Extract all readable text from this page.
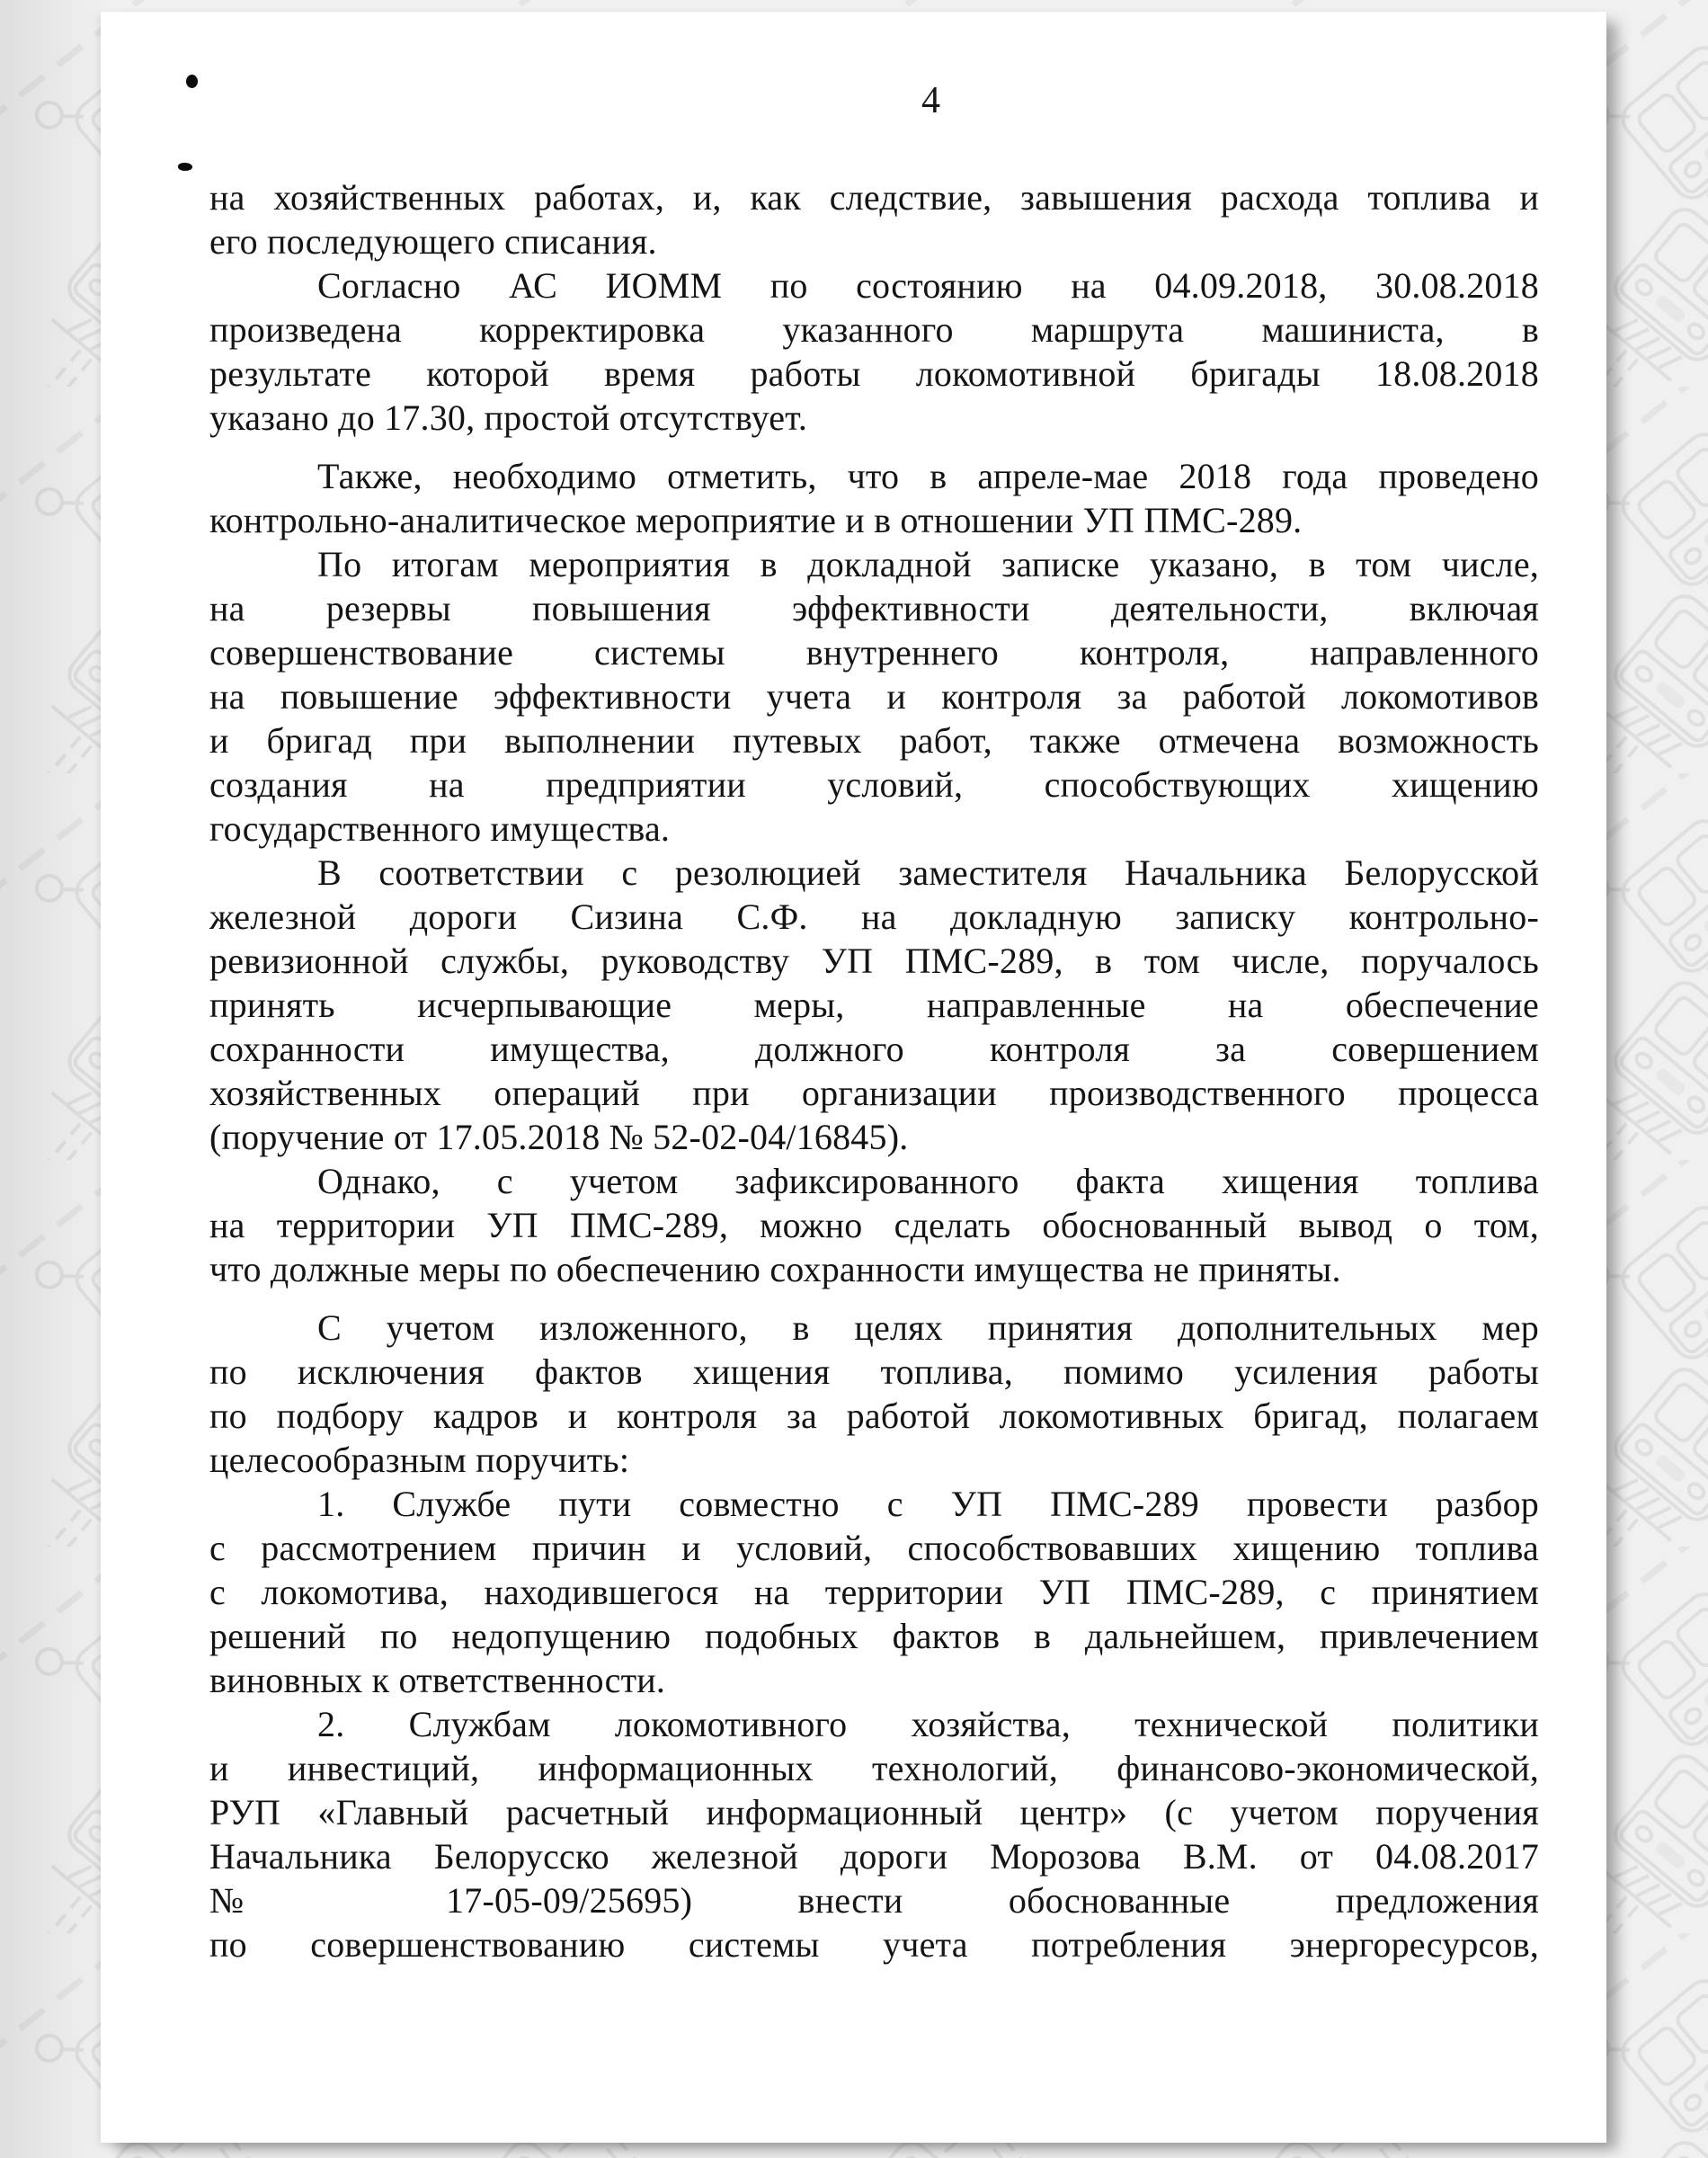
4
на хозяйственных работах, и, как следствие, завышения расхода топлива и
его последующего списания.
Согласно АС ИОММ по состоянию на 04.09.2018, 30.08.2018
произведена корректировка указанного маршрута машиниста, в
результате которой время работы локомотивной бригады 18.08.2018
указано до 17.30, простой отсутствует.
Также, необходимо отметить, что в апреле-мае 2018 года проведено
контрольно-аналитическое мероприятие и в отношении УП ПМС-289.
По итогам мероприятия в докладной записке указано, в том числе,
на резервы повышения эффективности деятельности, включая
совершенствование системы внутреннего контроля, направленного
на повышение эффективности учета и контроля за работой локомотивов
и бригад при выполнении путевых работ, также отмечена возможность
создания на предприятии условий, способствующих хищению
государственного имущества.
В соответствии с резолюцией заместителя Начальника Белорусской
железной дороги Сизина С.Ф. на докладную записку контрольно-
ревизионной службы, руководству УП ПМС-289, в том числе, поручалось
принять исчерпывающие меры, направленные на обеспечение
сохранности имущества, должного контроля за совершением
хозяйственных операций при организации производственного процесса
(поручение от 17.05.2018 № 52-02-04/16845).
Однако, с учетом зафиксированного факта хищения топлива
на территории УП ПМС-289, можно сделать обоснованный вывод о том,
что должные меры по обеспечению сохранности имущества не приняты.
С учетом изложенного, в целях принятия дополнительных мер
по исключения фактов хищения топлива, помимо усиления работы
по подбору кадров и контроля за работой локомотивных бригад, полагаем
целесообразным поручить:
1. Службе пути совместно с УП ПМС-289 провести разбор
с рассмотрением причин и условий, способствовавших хищению топлива
с локомотива, находившегося на территории УП ПМС-289, с принятием
решений по недопущению подобных фактов в дальнейшем, привлечением
виновных к ответственности.
2. Службам локомотивного хозяйства, технической политики
и инвестиций, информационных технологий, финансово-экономической,
РУП «Главный расчетный информационный центр» (с учетом поручения
Начальника Белорусско железной дороги Морозова В.М. от 04.08.2017
№ 17-05-09/25695) внести обоснованные предложения
по совершенствованию системы учета потребления энергоресурсов,
